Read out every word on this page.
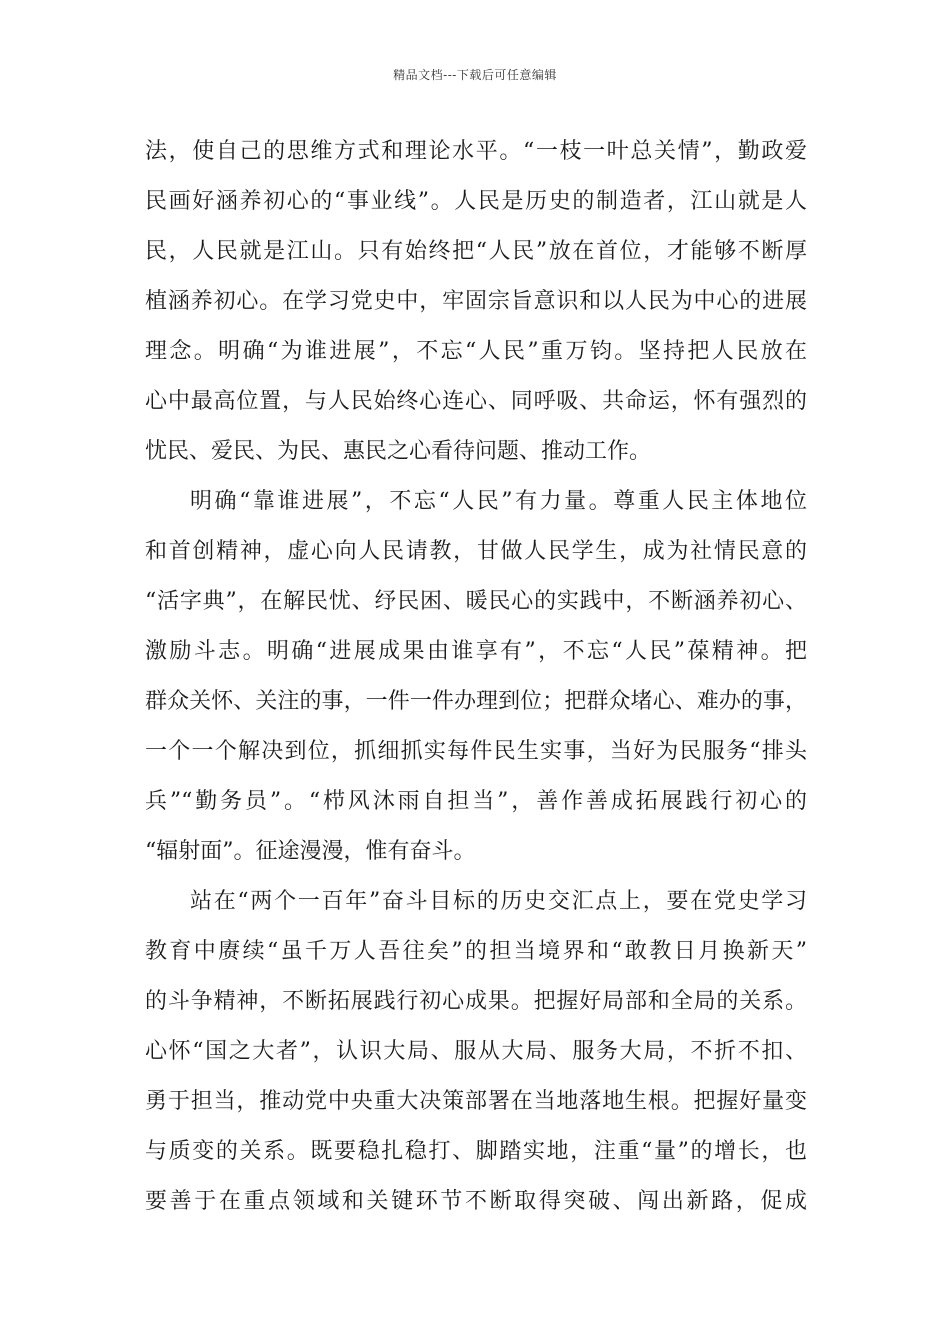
精品文档---下载后可任意编辑
法，使自己的思维方式和理论水平。“一枝一叶总关情”，勤政爱
民画好涵养初心的“事业线”。人民是历史的制造者，江山就是人
民，人民就是江山。只有始终把“人民”放在首位，才能够不断厚
植涵养初心。在学习党史中，牢固宗旨意识和以人民为中心的进展
理念。明确“为谁进展”，不忘“人民”重万钧。坚持把人民放在
心中最高位置，与人民始终心连心、同呼吸、共命运，怀有强烈的
忧民、爱民、为民、惠民之心看待问题、推动工作。
明确“靠谁进展”，不忘“人民”有力量。尊重人民主体地位
和首创精神，虚心向人民请教，甘做人民学生，成为社情民意的
“活字典”，在解民忧、纾民困、暖民心的实践中，不断涵养初心、
激励斗志。明确“进展成果由谁享有”，不忘“人民”葆精神。把
群众关怀、关注的事，一件一件办理到位；把群众堵心、难办的事，
一个一个解决到位，抓细抓实每件民生实事，当好为民服务“排头
兵”“勤务员”。“栉风沐雨自担当”，善作善成拓展践行初心的
“辐射面”。征途漫漫，惟有奋斗。
站在“两个一百年”奋斗目标的历史交汇点上，要在党史学习
教育中赓续“虽千万人吾往矣”的担当境界和“敢教日月换新天”
的斗争精神，不断拓展践行初心成果。把握好局部和全局的关系。
心怀“国之大者”，认识大局、服从大局、服务大局，不折不扣、
勇于担当，推动党中央重大决策部署在当地落地生根。把握好量变
与质变的关系。既要稳扎稳打、脚踏实地，注重“量”的增长，也
要善于在重点领域和关键环节不断取得突破、闯出新路，促成
